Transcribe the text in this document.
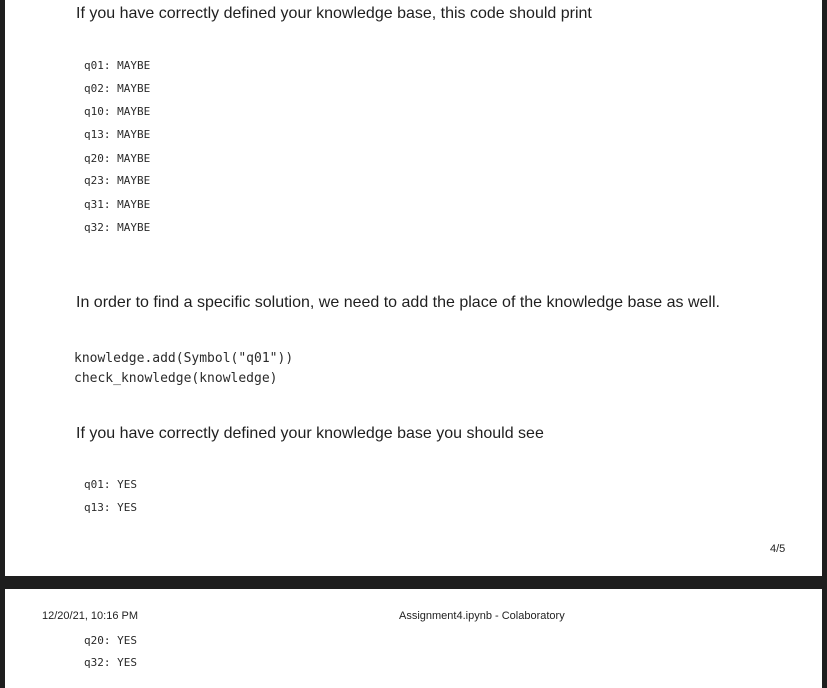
If you have correctly defined your knowledge base, this code should print

q01: MAYBE

q02: MAYBE

q10: MAYBE

q13: MAYBE

q20: MAYBE

q23: MAYBE

q31: MAYBE

q32: MAYBE

In order to find a specific solution, we need to add the place of the knowledge base as well.

knowledge.add(Symbol("q01"))

check_knowledge(knowledge)

If you have correctly defined your knowledge base you should see

q01: YES

q13: YES

4/5
12/20/21, 10:16 PM	Assignment4.ipynb - Colaboratory

q20: YES

q32: YES
